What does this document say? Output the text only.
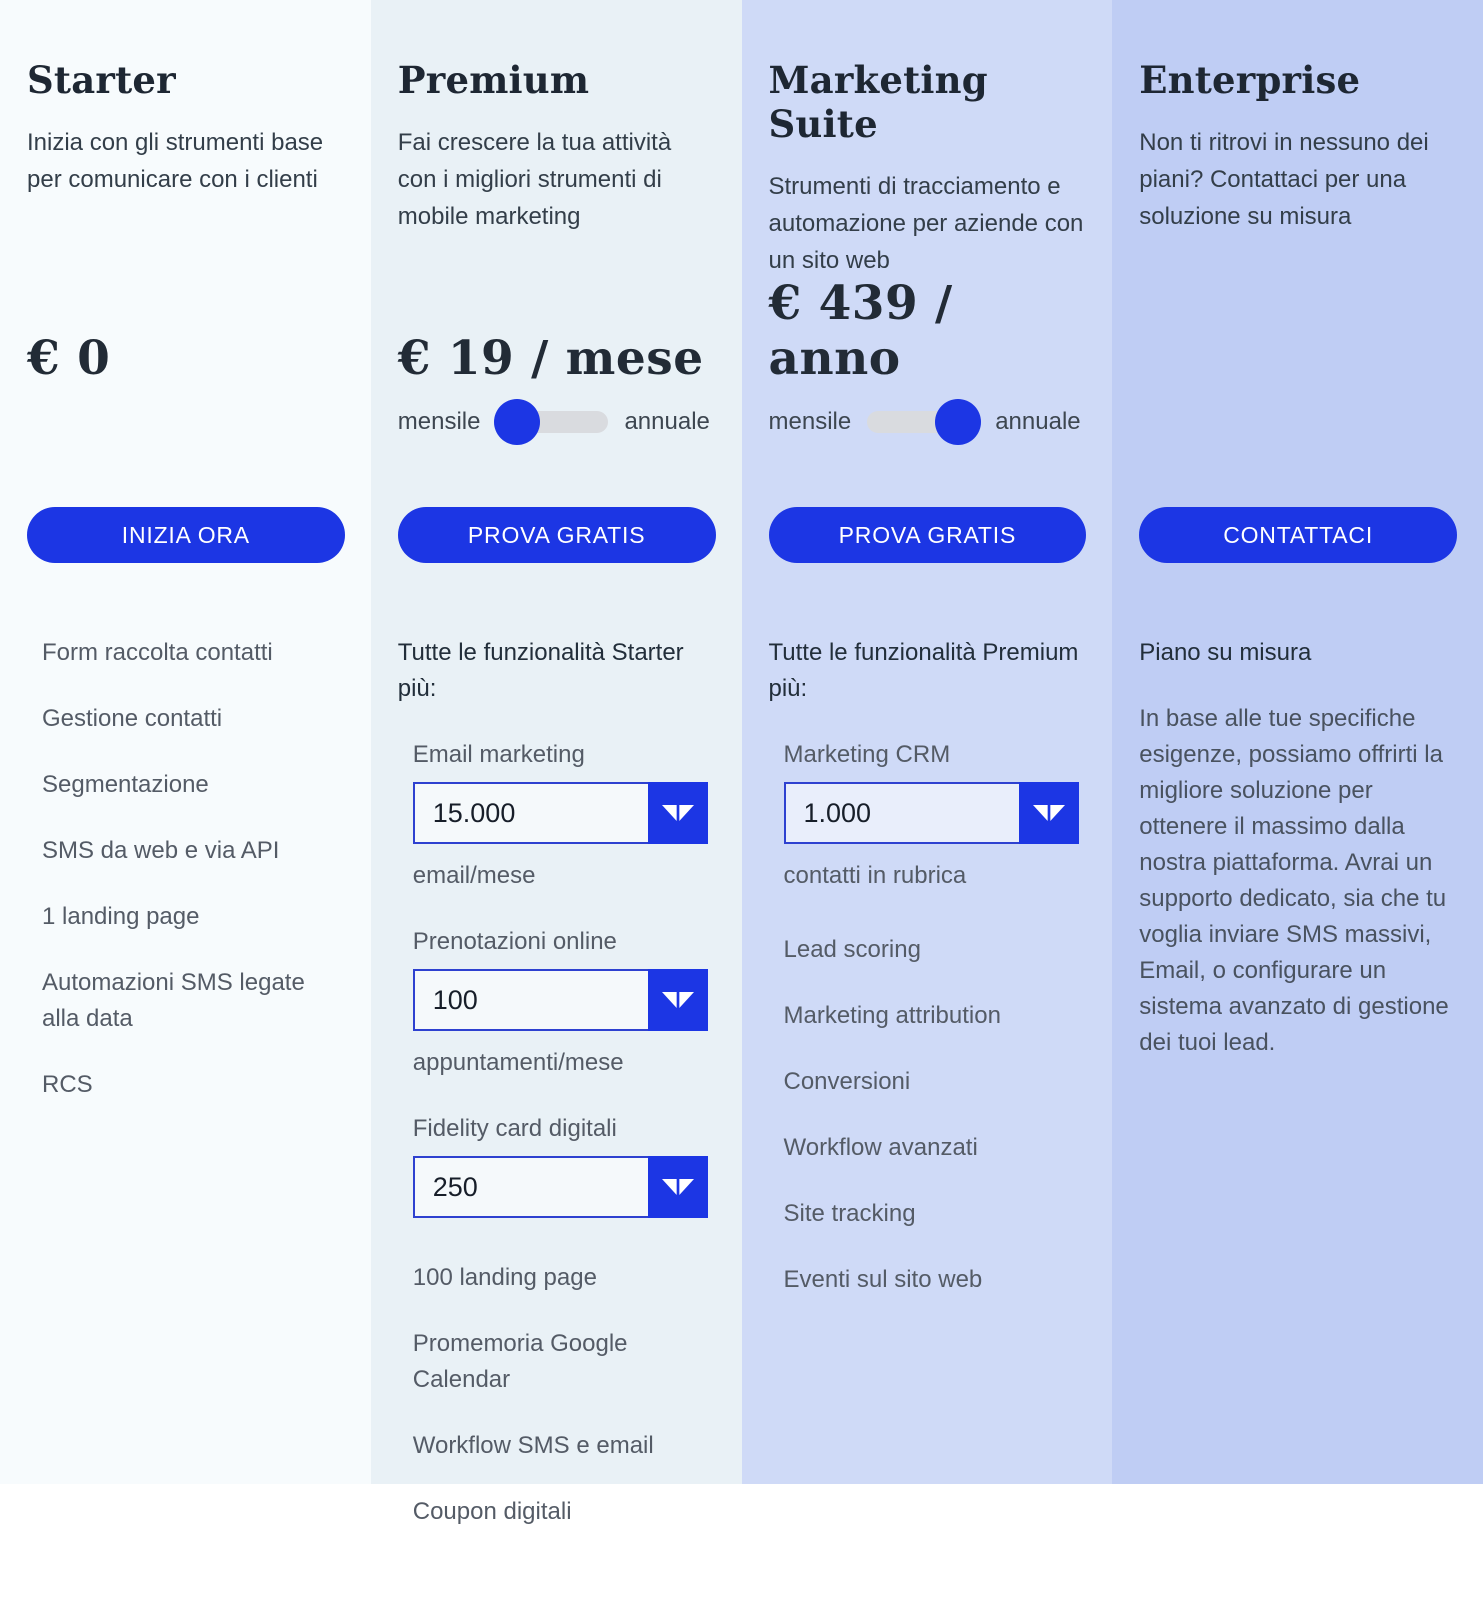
Starter

Inizia con gli strumenti base per comunicare con i clienti

€ 0
INIZIA ORA
Form raccolta contatti
Gestione contatti
Segmentazione
SMS da web e via API
1 landing page
Automazioni SMS legate alla data
RCS
Premium

Fai crescere la tua attività con i migliori strumenti di mobile marketing

€ 19 / mese
mensile	annuale
PROVA GRATIS
Tutte le funzionalità Starter più:
Email marketing
15.000
email/mese
Prenotazioni online
100
appuntamenti/mese
Fidelity card digitali
250
100 landing page
Promemoria Google Calendar
Workflow SMS e email
Coupon digitali
Marketing Suite

Strumenti di tracciamento e automazione per aziende con un sito web

€ 439 / anno
mensile	annuale
PROVA GRATIS
Tutte le funzionalità Premium più:
Marketing CRM
1.000
contatti in rubrica
Lead scoring
Marketing attribution
Conversioni
Workflow avanzati
Site tracking
Eventi sul sito web
Enterprise

Non ti ritrovi in nessuno dei piani? Contattaci per una soluzione su misura

CONTATTACI
Piano su misura

In base alle tue specifiche esigenze, possiamo offrirti la migliore soluzione per ottenere il massimo dalla nostra piattaforma. Avrai un supporto dedicato, sia che tu voglia inviare SMS massivi, Email, o configurare un sistema avanzato di gestione dei tuoi lead.
